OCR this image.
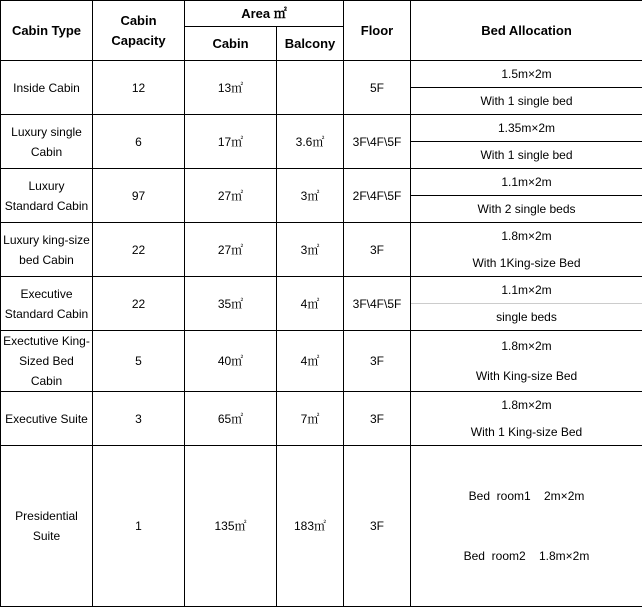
Cabin Type	Cabin Capacity	Area ㎡		Floor	Bed Allocation
		Cabin	Balcony		
Inside Cabin	12	13㎡		5F	1.5m×2m
					With 1 single bed
Luxury single Cabin	6	17㎡	3.6㎡	3F\4F\5F	1.35m×2m
					With 1 single bed
Luxury Standard Cabin	97	27㎡	3㎡	2F\4F\5F	1.1m×2m
					With 2 single beds
Luxury king-size bed Cabin	22	27㎡	3㎡	3F	1.8m×2m
					With 1King-size Bed
Executive Standard Cabin	22	35㎡	4㎡	3F\4F\5F	1.1m×2m
					single beds
Exectutive King-Sized Bed Cabin	5	40㎡	4㎡	3F	1.8m×2m
					With King-size Bed
Executive Suite	3	65㎡	7㎡	3F	1.8m×2m
					With 1 King-size Bed
Presidential Suite	1	135㎡	183㎡	3F	Bed  room1    2m×2m

Bed  room2    1.8m×2m
